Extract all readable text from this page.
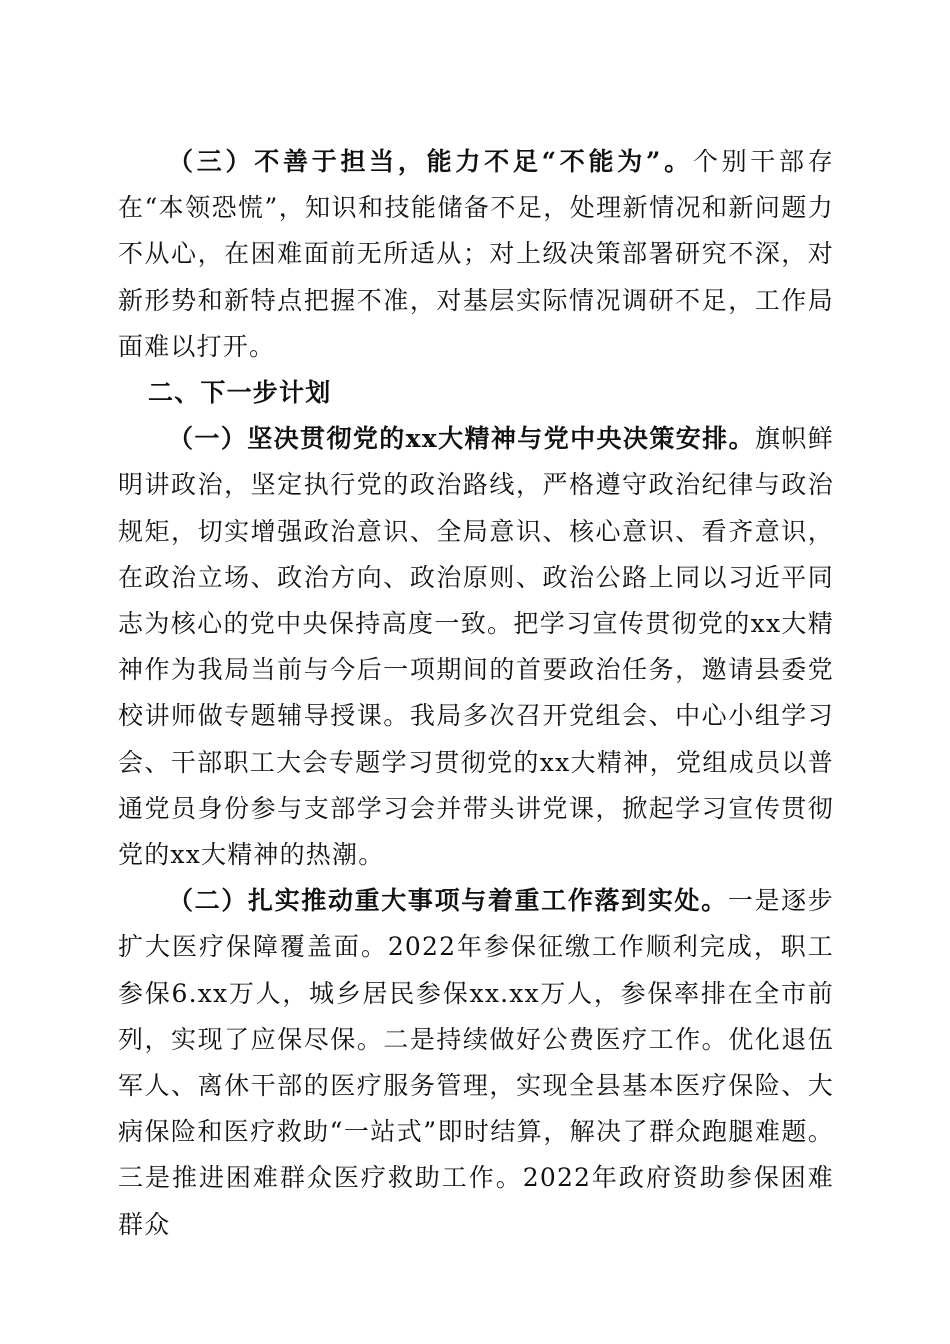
（三）不善于担当，能力不足“不能为”。个别干部存在“本领恐慌”，知识和技能储备不足，处理新情况和新问题力不从心，在困难面前无所适从；对上级决策部署研究不深，对新形势和新特点把握不准，对基层实际情况调研不足，工作局面难以打开。

二、下一步计划

（一）坚决贯彻党的xx大精神与党中央决策安排。旗帜鲜明讲政治，坚定执行党的政治路线，严格遵守政治纪律与政治规矩，切实增强政治意识、全局意识、核心意识、看齐意识，在政治立场、政治方向、政治原则、政治公路上同以习近平同志为核心的党中央保持高度一致。把学习宣传贯彻党的xx大精神作为我局当前与今后一项期间的首要政治任务，邀请县委党校讲师做专题辅导授课。我局多次召开党组会、中心小组学习会、干部职工大会专题学习贯彻党的xx大精神，党组成员以普通党员身份参与支部学习会并带头讲党课，掀起学习宣传贯彻党的xx大精神的热潮。

（二）扎实推动重大事项与着重工作落到实处。一是逐步扩大医疗保障覆盖面。2022年参保征缴工作顺利完成，职工参保6.xx万人，城乡居民参保xx.xx万人，参保率排在全市前列，实现了应保尽保。二是持续做好公费医疗工作。优化退伍军人、离休干部的医疗服务管理，实现全县基本医疗保险、大病保险和医疗救助“一站式”即时结算，解决了群众跑腿难题。三是推进困难群众医疗救助工作。2022年政府资助参保困难群众
